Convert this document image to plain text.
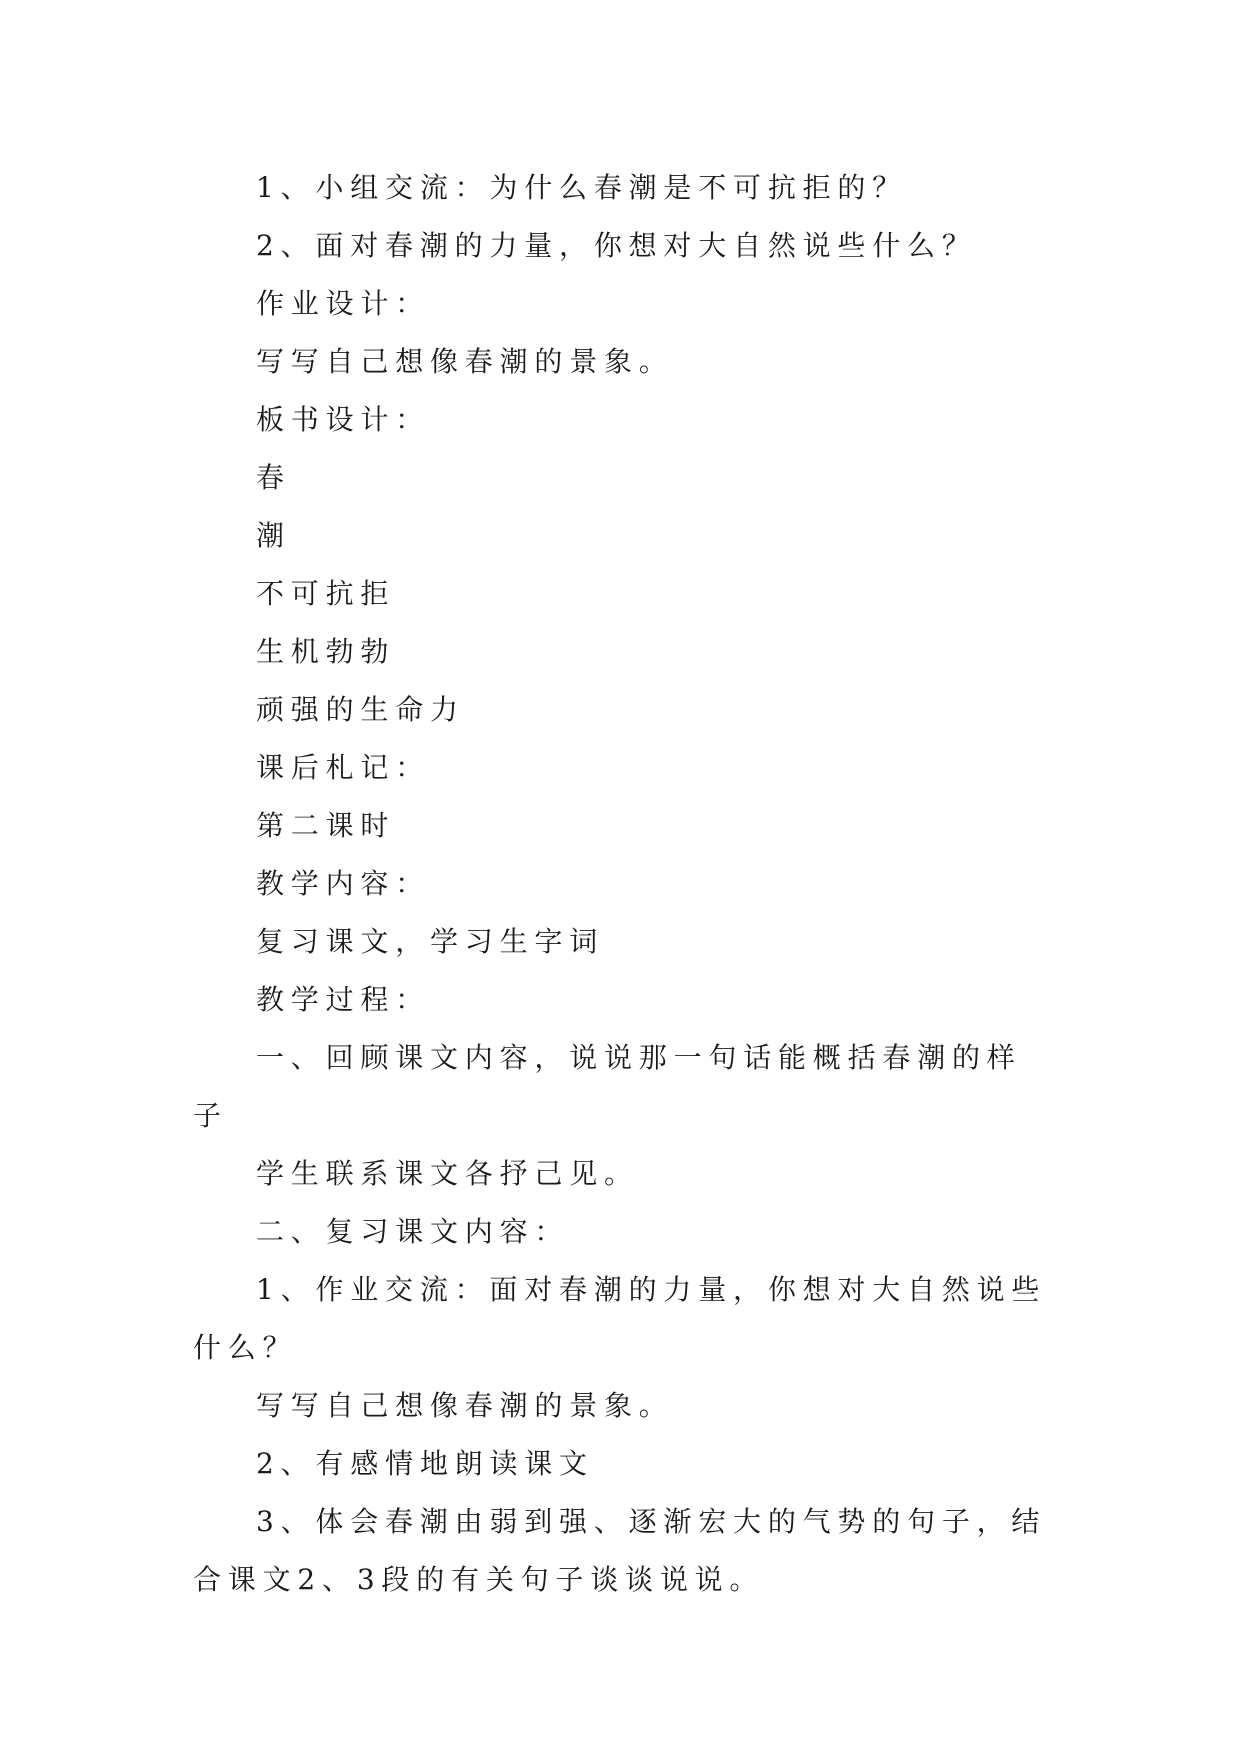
1、小组交流：为什么春潮是不可抗拒的？

2、面对春潮的力量，你想对大自然说些什么？

作业设计：

写写自己想像春潮的景象。

板书设计：

春

潮

不可抗拒

生机勃勃

顽强的生命力

课后札记：

第二课时

教学内容：

复习课文，学习生字词

教学过程：

一、回顾课文内容，说说那一句话能概括春潮的样子

学生联系课文各抒己见。

二、复习课文内容：

1、作业交流：面对春潮的力量，你想对大自然说些什么？

写写自己想像春潮的景象。

2、有感情地朗读课文

3、体会春潮由弱到强、逐渐宏大的气势的句子，结合课文2、3段的有关句子谈谈说说。
